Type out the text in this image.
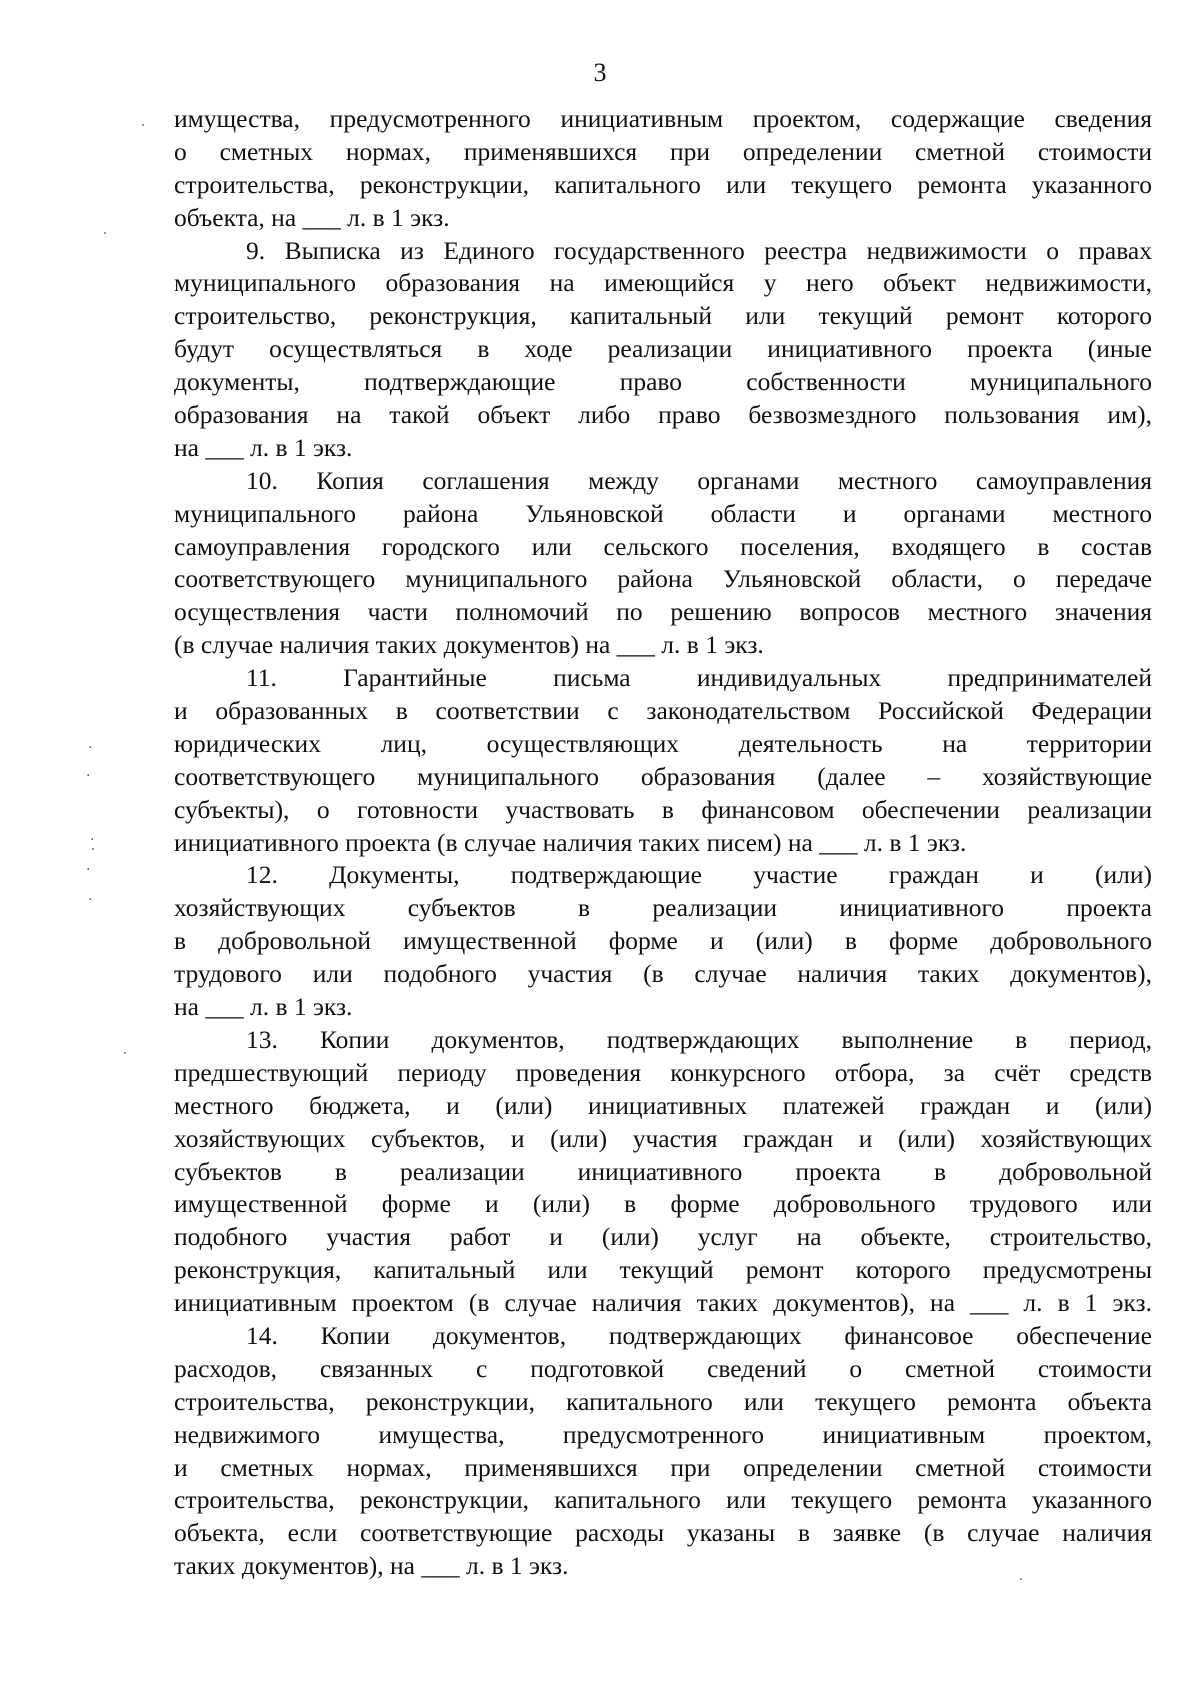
3
имущества, предусмотренного инициативным проектом, содержащие сведения
о сметных нормах, применявшихся при определении сметной стоимости
строительства, реконструкции, капитального или текущего ремонта указанного
объекта, на ___ л. в 1 экз.
9. Выписка из Единого государственного реестра недвижимости о правах
муниципального образования на имеющийся у него объект недвижимости,
строительство, реконструкция, капитальный или текущий ремонт которого
будут осуществляться в ходе реализации инициативного проекта (иные
документы, подтверждающие право собственности муниципального
образования на такой объект либо право безвозмездного пользования им),
на ___ л. в 1 экз.
10. Копия соглашения между органами местного самоуправления
муниципального района Ульяновской области и органами местного
самоуправления городского или сельского поселения, входящего в состав
соответствующего муниципального района Ульяновской области, о передаче
осуществления части полномочий по решению вопросов местного значения
(в случае наличия таких документов) на ___ л. в 1 экз.
11. Гарантийные письма индивидуальных предпринимателей
и образованных в соответствии с законодательством Российской Федерации
юридических лиц, осуществляющих деятельность на территории
соответствующего муниципального образования (далее – хозяйствующие
субъекты), о готовности участвовать в финансовом обеспечении реализации
инициативного проекта (в случае наличия таких писем) на ___ л. в 1 экз.
12. Документы, подтверждающие участие граждан и (или)
хозяйствующих субъектов в реализации инициативного проекта
в добровольной имущественной форме и (или) в форме добровольного
трудового или подобного участия (в случае наличия таких документов),
на ___ л. в 1 экз.
13. Копии документов, подтверждающих выполнение в период,
предшествующий периоду проведения конкурсного отбора, за счёт средств
местного бюджета, и (или) инициативных платежей граждан и (или)
хозяйствующих субъектов, и (или) участия граждан и (или) хозяйствующих
субъектов в реализации инициативного проекта в добровольной
имущественной форме и (или) в форме добровольного трудового или
подобного участия работ и (или) услуг на объекте, строительство,
реконструкция, капитальный или текущий ремонт которого предусмотрены
инициативным проектом (в случае наличия таких документов), на ___ л. в 1 экз.
14. Копии документов, подтверждающих финансовое обеспечение
расходов, связанных с подготовкой сведений о сметной стоимости
строительства, реконструкции, капитального или текущего ремонта объекта
недвижимого имущества, предусмотренного инициативным проектом,
и сметных нормах, применявшихся при определении сметной стоимости
строительства, реконструкции, капитального или текущего ремонта указанного
объекта, если соответствующие расходы указаны в заявке (в случае наличия
таких документов), на ___ л. в 1 экз.
·
·
·
·
·
